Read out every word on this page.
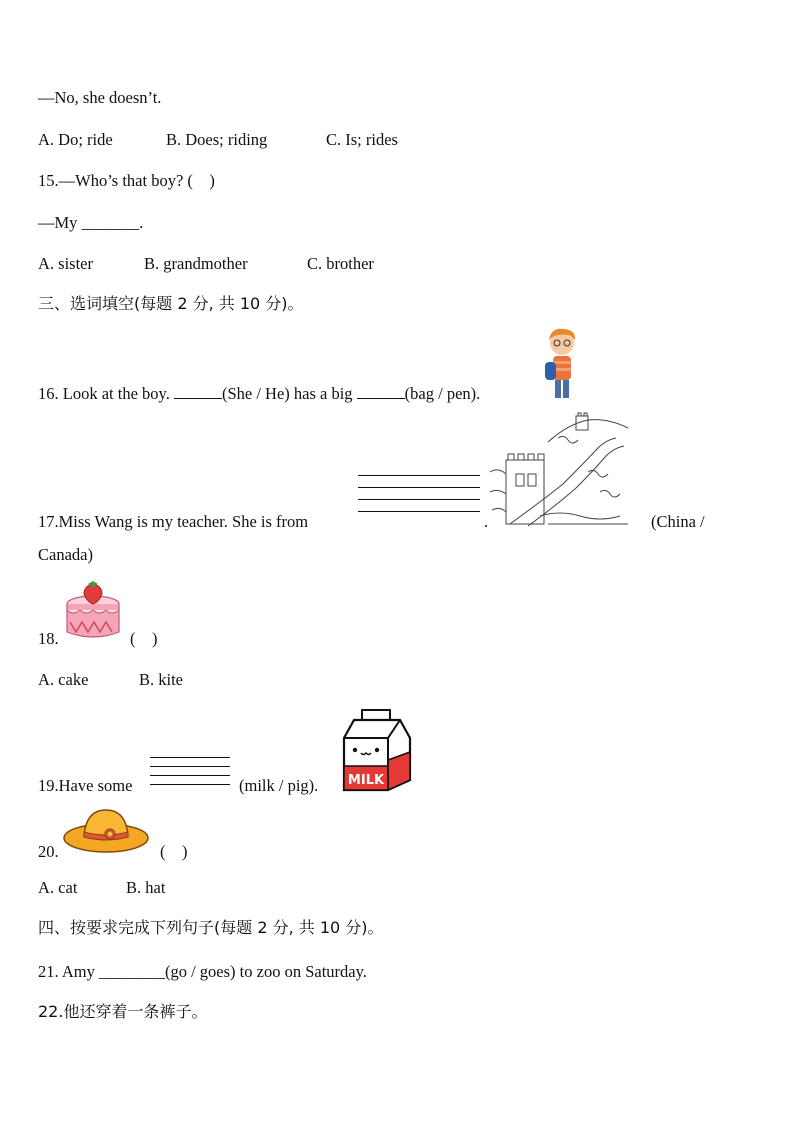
—No, she doesn’t.
A. Do; ride	B. Does; riding	C. Is; rides
15.—Who’s that boy? (　)
—My _______.
A. sister	B. grandmother	C. brother
三、选词填空(每题 2 分, 共 10 分)。
16. Look at the boy.	(She / He) has a big	(bag / pen).
17.Miss Wang is my teacher. She is from	.	(China /
Canada)
18.	(　)
A. cake	B. kite
19.Have some	(milk / pig). MILK
20.	(　)
A. cat	B. hat
四、按要求完成下列句子(每题 2 分, 共 10 分)。
21. Amy ________(go / goes) to zoo on Saturday.
22.他还穿着一条裤子。
